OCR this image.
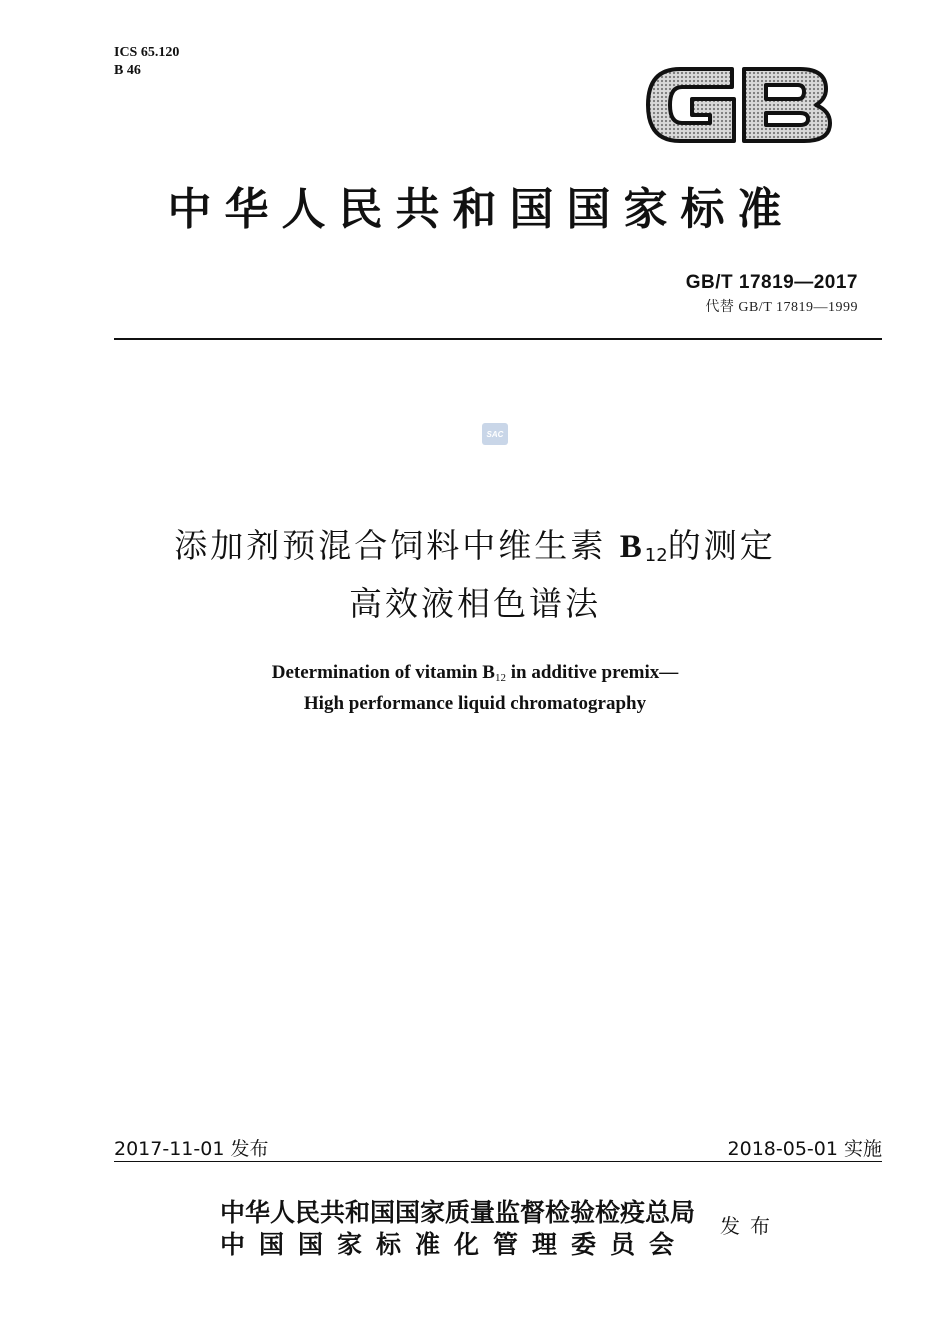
ICS 65.120
B 46
中华人民共和国国家标准
GB/T 17819—2017
代替 GB/T 17819—1999
SAC
添加剂预混合饲料中维生素 B12的测定
高效液相色谱法
Determination of vitamin B12 in additive premix—
High performance liquid chromatography
2017-11-01 发布	2018-05-01 实施
中华人民共和国国家质量监督检验检疫总局
中国国家标准化管理委员会
发布
